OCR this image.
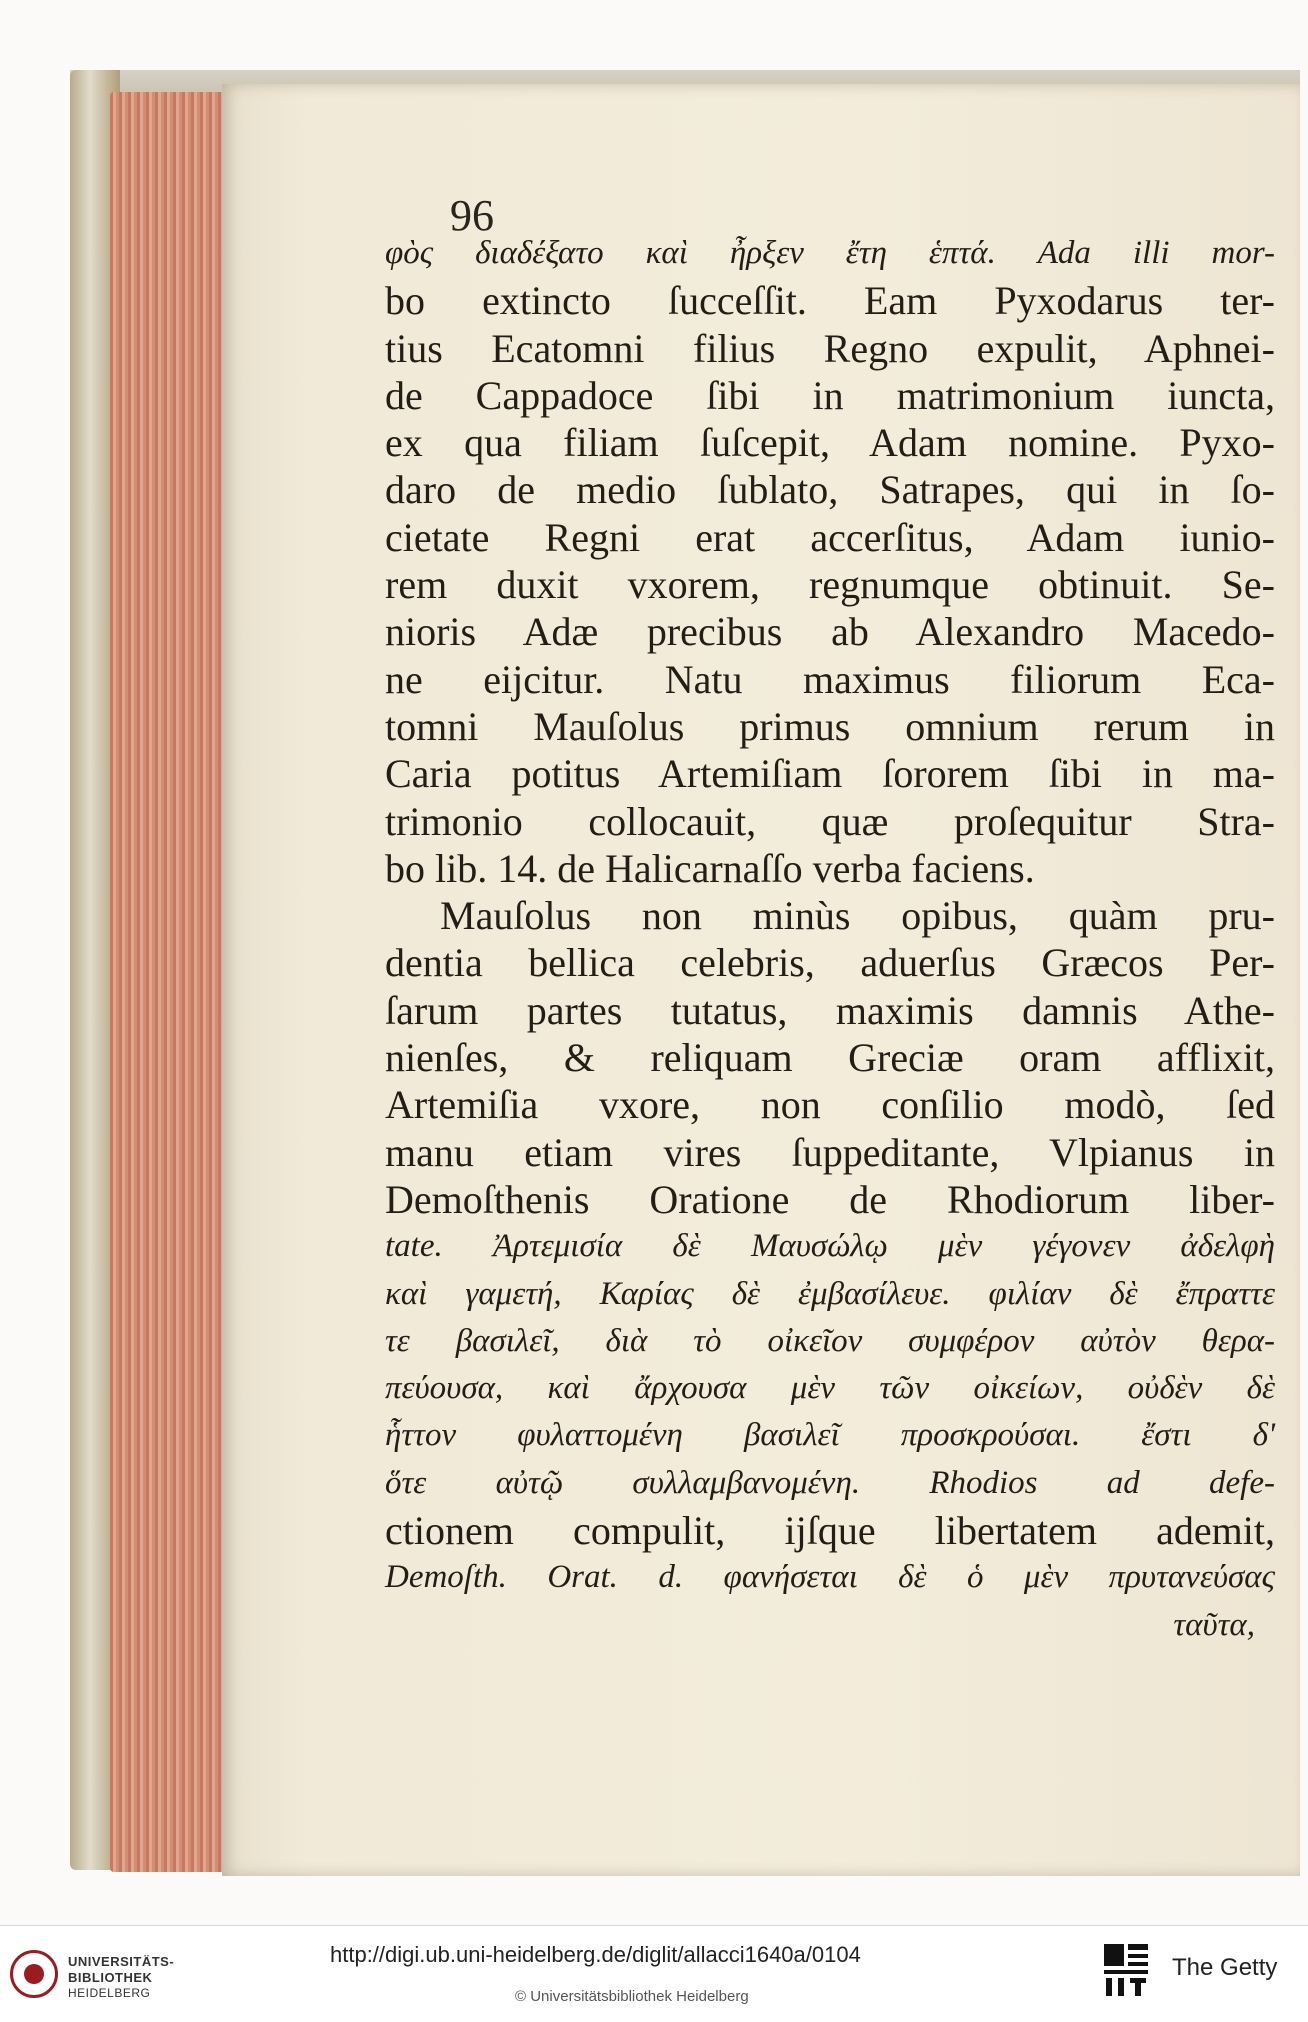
96
φὸς διαδέξατο καὶ ἦρξεν ἔτη ἑπτά. Ada illi mor-
bo extincto ſucceſſit. Eam Pyxodarus ter-
tius Ecatomni filius Regno expulit, Aphnei-
de Cappadoce ſibi in matrimonium iuncta,
ex qua filiam ſuſcepit, Adam nomine. Pyxo-
daro de medio ſublato, Satrapes, qui in ſo-
cietate Regni erat accerſitus, Adam iunio-
rem duxit vxorem, regnumque obtinuit. Se-
nioris Adæ precibus ab Alexandro Macedo-
ne eijcitur. Natu maximus filiorum Eca-
tomni Mauſolus primus omnium rerum in
Caria potitus Artemiſiam ſororem ſibi in ma-
trimonio collocauit, quæ proſequitur Stra-
bo lib. 14. de Halicarnaſſo verba faciens.
Mauſolus non minùs opibus, quàm pru-
dentia bellica celebris, aduerſus Græcos Per-
ſarum partes tutatus, maximis damnis Athe-
nienſes, & reliquam Greciæ oram afflixit,
Artemiſia vxore, non conſilio modò, ſed
manu etiam vires ſuppeditante, Vlpianus in
Demoſthenis Oratione de Rhodiorum liber-
tate. Ἀρτεμισία δὲ Μαυσώλῳ μὲν γέγονεν ἀδελφὴ
καὶ γαμετή, Καρίας δὲ ἐμβασίλευε. φιλίαν δὲ ἔπραττε
τε βασιλεῖ, διὰ τὸ οἰκεῖον συμφέρον αὐτὸν θερα-
πεύουσα, καὶ ἄρχουσα μὲν τῶν οἰκείων, οὐδὲν δὲ
ἧττον φυλαττομένη βασιλεῖ προσκρούσαι. ἔστι δ'
ὅτε αὐτῷ συλλαμβανομένη. Rhodios ad defe-
ctionem compulit, ijſque libertatem ademit,
Demoſth. Orat. d. φανήσεται δὲ ὁ μὲν πρυτανεύσας
ταῦτα,
UNIVERSITÄTS-
BIBLIOTHEK
HEIDELBERG
http://digi.ub.uni-heidelberg.de/diglit/allacci1640a/0104
© Universitätsbibliothek Heidelberg
The Getty
